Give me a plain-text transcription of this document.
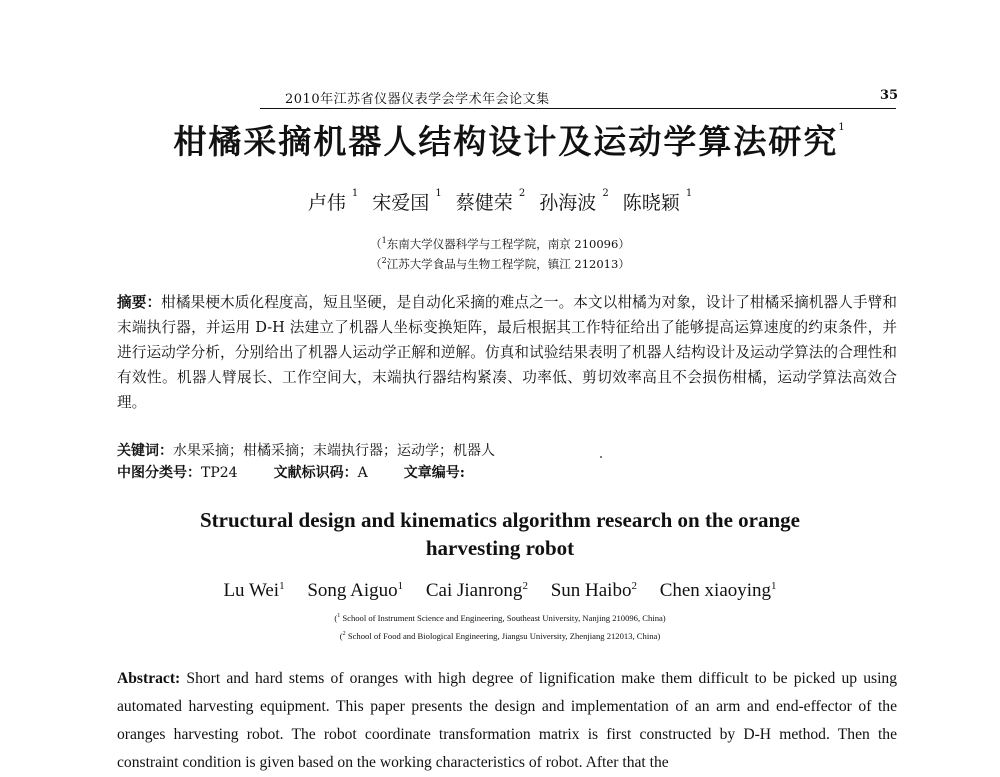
2010年江苏省仪器仪表学会学术年会论文集	35
柑橘采摘机器人结构设计及运动学算法研究$^1$
卢伟 $^1$ 宋爱国 $^1$ 蔡健荣 $^2$ 孙海波 $^2$ 陈晓颖 $^1$
（$^1$东南大学仪器科学与工程学院，南京 210096）
（$^2$江苏大学食品与生物工程学院，镇江 212013）
摘要：柑橘果梗木质化程度高，短且坚硬，是自动化采摘的难点之一。本文以柑橘为对象，设计了柑橘采摘机器人手臂和末端执行器，并运用 D-H 法建立了机器人坐标变换矩阵，最后根据其工作特征给出了能够提高运算速度的约束条件，并进行运动学分析，分别给出了机器人运动学正解和逆解。仿真和试验结果表明了机器人结构设计及运动学算法的合理性和有效性。机器人臂展长、工作空间大，末端执行器结构紧凑、功率低、剪切效率高且不会损伤柑橘，运动学算法高效合理。
关键词：水果采摘；柑橘采摘；末端执行器；运动学；机器人
中图分类号：TP24	文献标识码：A	文章编号:
Structural design and kinematics algorithm research on the orange
harvesting robot
Lu Wei$^1$ Song Aiguo$^1$ Cai Jianrong$^2$ Sun Haibo$^2$ Chen xiaoying$^1$
($^1$ School of Instrument Science and Engineering, Southeast University, Nanjing 210096, China)
($^2$ School of Food and Biological Engineering, Jiangsu University, Zhenjiang 212013, China)
Abstract: Short and hard stems of oranges with high degree of lignification make them difficult to be picked up using automated harvesting equipment. This paper presents the design and implementation of an arm and end-effector of the oranges harvesting robot. The robot coordinate transformation matrix is first constructed by D-H method. Then the constraint condition is given based on the working characteristics of robot. After that the
